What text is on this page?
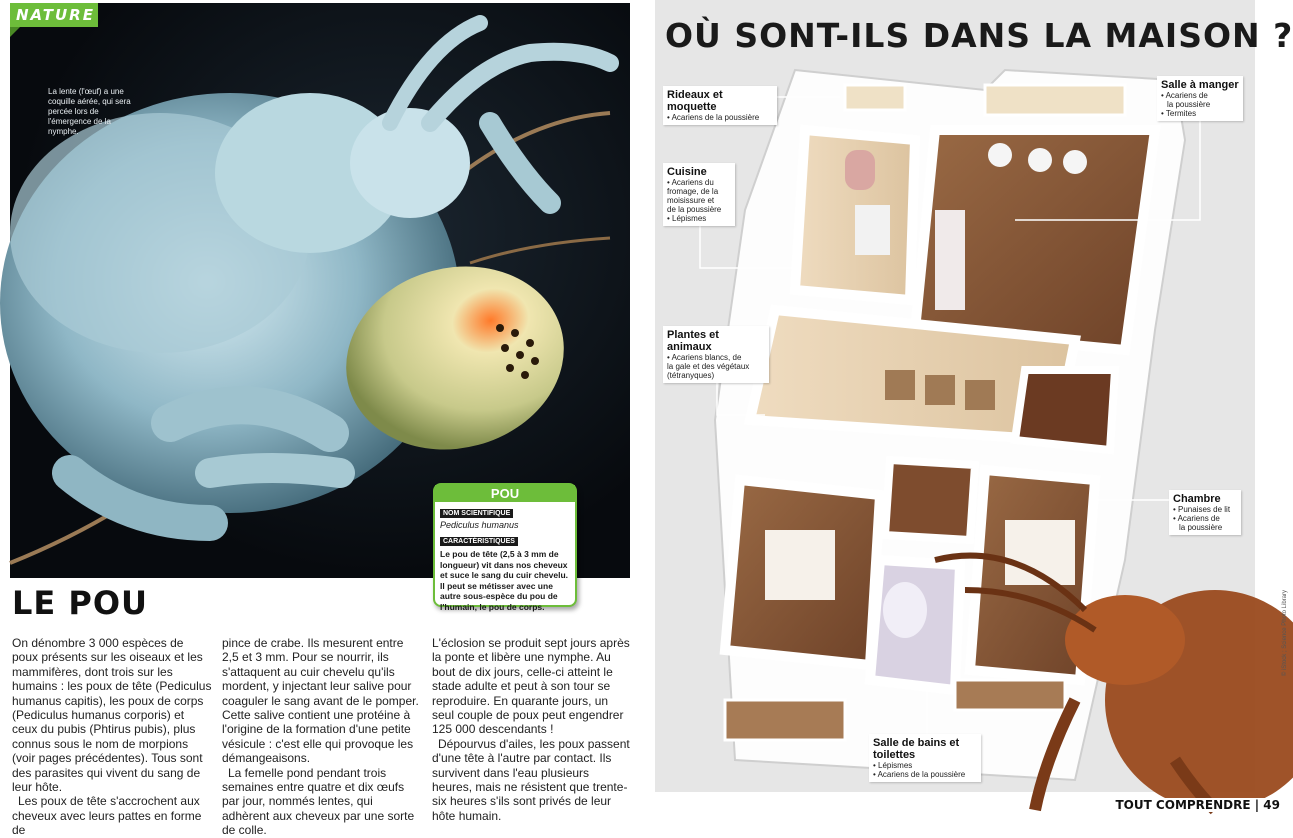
NATURE
La lente (l'œuf) a une coquille aérée, qui sera percée lors de l'émergence de la nymphe.
POU
NOM SCIENTIFIQUE
Pediculus humanus
CARACTÉRISTIQUES
Le pou de tête (2,5 à 3 mm de longueur) vit dans nos cheveux et suce le sang du cuir chevelu. Il peut se métisser avec une autre sous-espèce du pou de l'humain, le pou de corps.
LE POU

On dénombre 3 000 espèces de poux présents sur les oiseaux et les mammifères, dont trois sur les humains : les poux de tête (Pediculus humanus capitis), les poux de corps (Pediculus humanus corporis) et ceux du pubis (Phtirus pubis), plus connus sous le nom de morpions (voir pages précédentes). Tous sont des parasites qui vivent du sang de leur hôte.

Les poux de tête s'accrochent aux cheveux avec leurs pattes en forme de

pince de crabe. Ils mesurent entre 2,5 et 3 mm. Pour se nourrir, ils s'attaquent au cuir chevelu qu'ils mordent, y injectant leur salive pour coaguler le sang avant de le pomper. Cette salive contient une protéine à l'origine de la formation d'une petite vésicule : c'est elle qui provoque les démangeaisons.

La femelle pond pendant trois semaines entre quatre et dix œufs par jour, nommés lentes, qui adhèrent aux cheveux par une sorte de colle.

L'éclosion se produit sept jours après la ponte et libère une nymphe. Au bout de dix jours, celle-ci atteint le stade adulte et peut à son tour se reproduire. En quarante jours, un seul couple de poux peut engendrer 125 000 descendants !

Dépourvus d'ailes, les poux passent d'une tête à l'autre par contact. Ils survivent dans l'eau plusieurs heures, mais ne résistent que trente-six heures s'ils sont privés de leur hôte humain.

OÙ SONT-ILS DANS LA MAISON ?
Rideaux et moquette
• Acariens de la poussière
Cuisine
• Acariens du
fromage, de la
moisissure et
de la poussière
• Lépismes
Plantes et animaux
• Acariens blancs, de
la gale et des végétaux
(tétranyques)
Salle à manger
• Acariens de
la poussière
• Termites
Chambre
• Punaises de lit
• Acariens de
la poussière
Salle de bains et toilettes
• Lépismes
• Acariens de la poussière
© iStock ; Science Photo Library
TOUT COMPRENDRE | 49
